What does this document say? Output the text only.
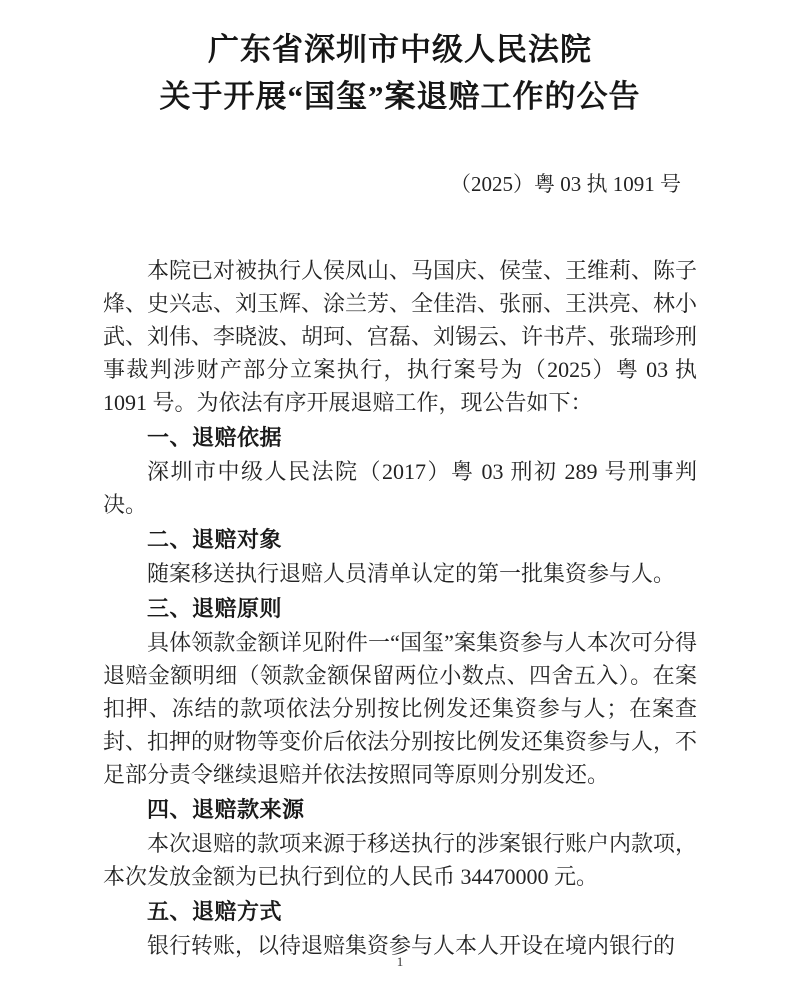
广东省深圳市中级人民法院
关于开展“国玺”案退赔工作的公告
（2025）粤 03 执 1091 号

本院已对被执行人侯凤山、马国庆、侯莹、王维莉、陈子烽、史兴志、刘玉辉、涂兰芳、全佳浩、张丽、王洪亮、林小武、刘伟、李晓波、胡珂、宫磊、刘锡云、许书芹、张瑞珍刑事裁判涉财产部分立案执行，执行案号为（2025）粤 03 执 1091 号。为依法有序开展退赔工作，现公告如下：

一、退赔依据

深圳市中级人民法院（2017）粤 03 刑初 289 号刑事判决。

二、退赔对象

随案移送执行退赔人员清单认定的第一批集资参与人。

三、退赔原则

具体领款金额详见附件一“国玺”案集资参与人本次可分得退赔金额明细（领款金额保留两位小数点、四舍五入）。在案扣押、冻结的款项依法分别按比例发还集资参与人；在案查封、扣押的财物等变价后依法分别按比例发还集资参与人，不足部分责令继续退赔并依法按照同等原则分别发还。

四、退赔款来源

本次退赔的款项来源于移送执行的涉案银行账户内款项，本次发放金额为已执行到位的人民币 34470000 元。

五、退赔方式

银行转账，以待退赔集资参与人本人开设在境内银行的

1
